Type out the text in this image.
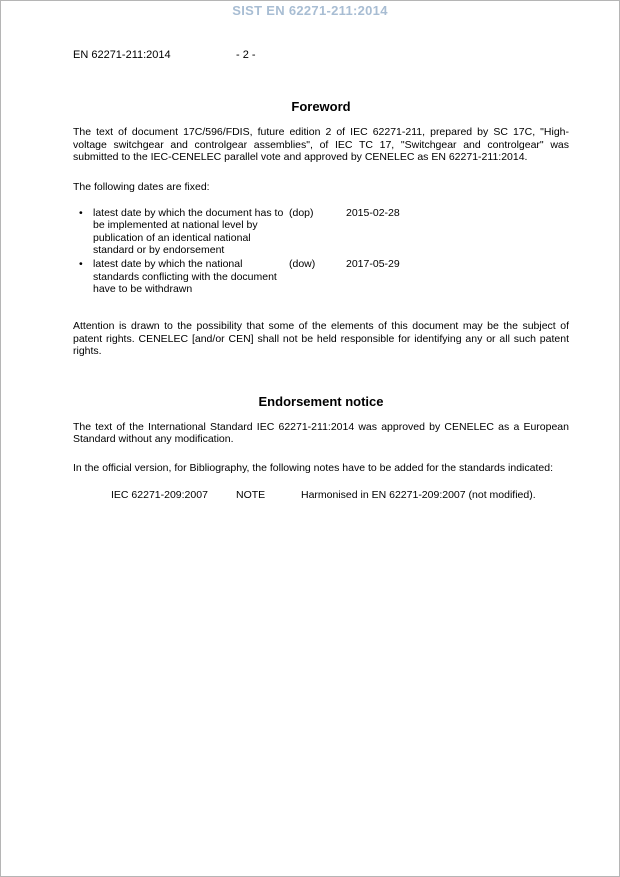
SIST EN 62271-211:2014
EN 62271-211:2014	- 2 -
Foreword

The text of document 17C/596/FDIS, future edition 2 of IEC 62271-211, prepared by SC 17C, "High-voltage switchgear and controlgear assemblies", of IEC TC 17, "Switchgear and controlgear" was submitted to the IEC-CENELEC parallel vote and approved by CENELEC as EN 62271-211:2014.

The following dates are fixed:

•
latest date by which the document has to be implemented at national level by publication of an identical national standard or by endorsement
(dop)	2015-02-28
•
latest date by which the national standards conflicting with the document have to be withdrawn
(dow)	2017-05-29

Attention is drawn to the possibility that some of the elements of this document may be the subject of patent rights. CENELEC [and/or CEN] shall not be held responsible for identifying any or all such patent rights.

Endorsement notice

The text of the International Standard IEC 62271-211:2014 was approved by CENELEC as a European Standard without any modification.

In the official version, for Bibliography, the following notes have to be added for the standards indicated:

IEC 62271-209:2007	NOTE	Harmonised in EN 62271-209:2007 (not modified).
